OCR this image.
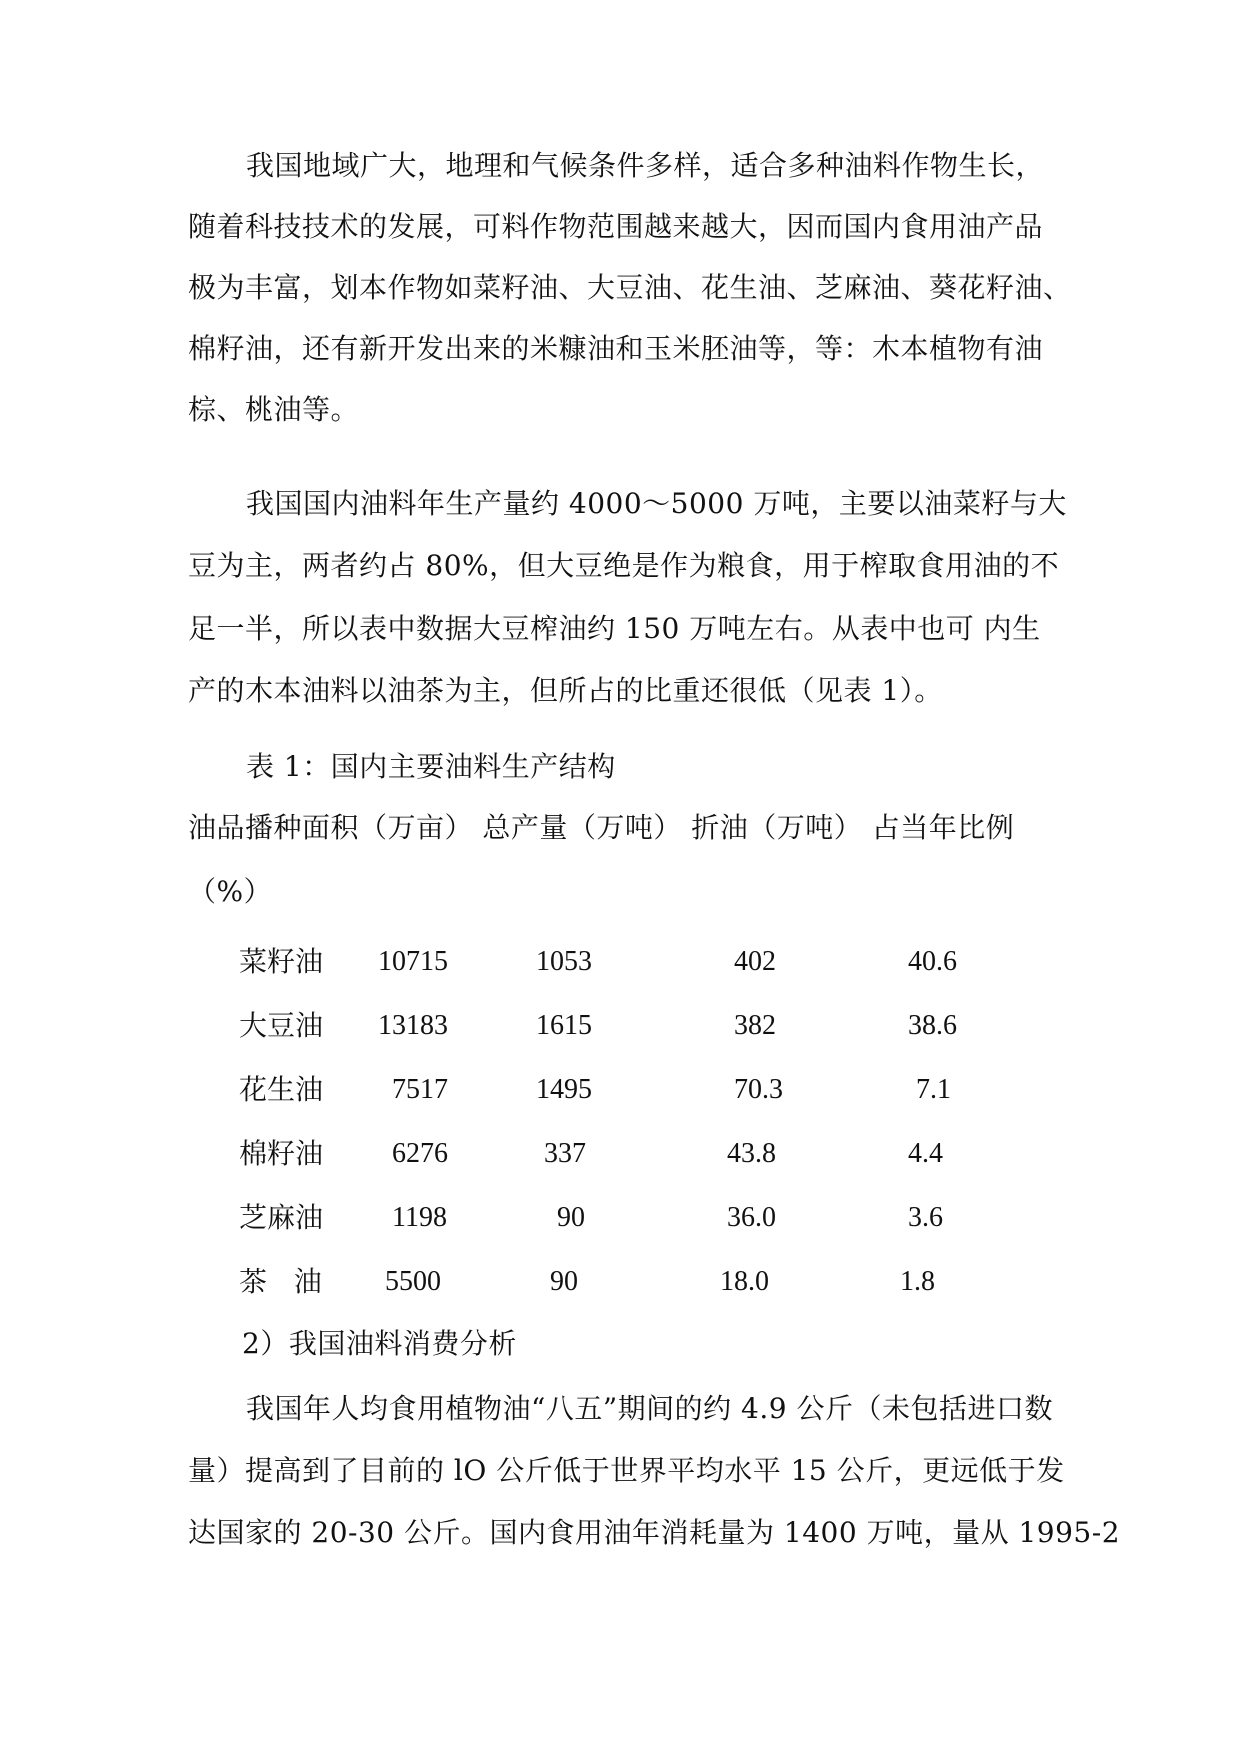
我国地域广大，地理和气候条件多样，适合多种油料作物生长，
随着科技技术的发展，可料作物范围越来越大，因而国内食用油产品
极为丰富，划本作物如菜籽油、大豆油、花生油、芝麻油、葵花籽油、
棉籽油，还有新开发出来的米糠油和玉米胚油等，等：木本植物有油
棕、桃油等。
我国国内油料年生产量约 4000～5000 万吨，主要以油菜籽与大
豆为主，两者约占 80%，但大豆绝是作为粮食，用于榨取食用油的不
足一半，所以表中数据大豆榨油约 150 万吨左右。从表中也可 内生
产的木本油料以油茶为主，但所占的比重还很低（见表 1）。
表 1：国内主要油料生产结构
油品播种面积（万亩） 总产量（万吨） 折油（万吨） 占当年比例
（%）
菜籽油 10715	1053	402	40.6
大豆油 13183	1615	382	38.6
花生油 7517	1495	70.3	7.1
棉籽油 6276	337	43.8	4.4
芝麻油 1198	90	36.0	3.6
茶   油 5500	90	18.0	1.8
2）我国油料消费分析
我国年人均食用植物油“八五”期间的约 4.9 公斤（未包括进口数
量）提高到了目前的 lO 公斤低于世界平均水平 15 公斤，更远低于发
达国家的 20-30 公斤。国内食用油年消耗量为 1400 万吨，量从 1995-2
